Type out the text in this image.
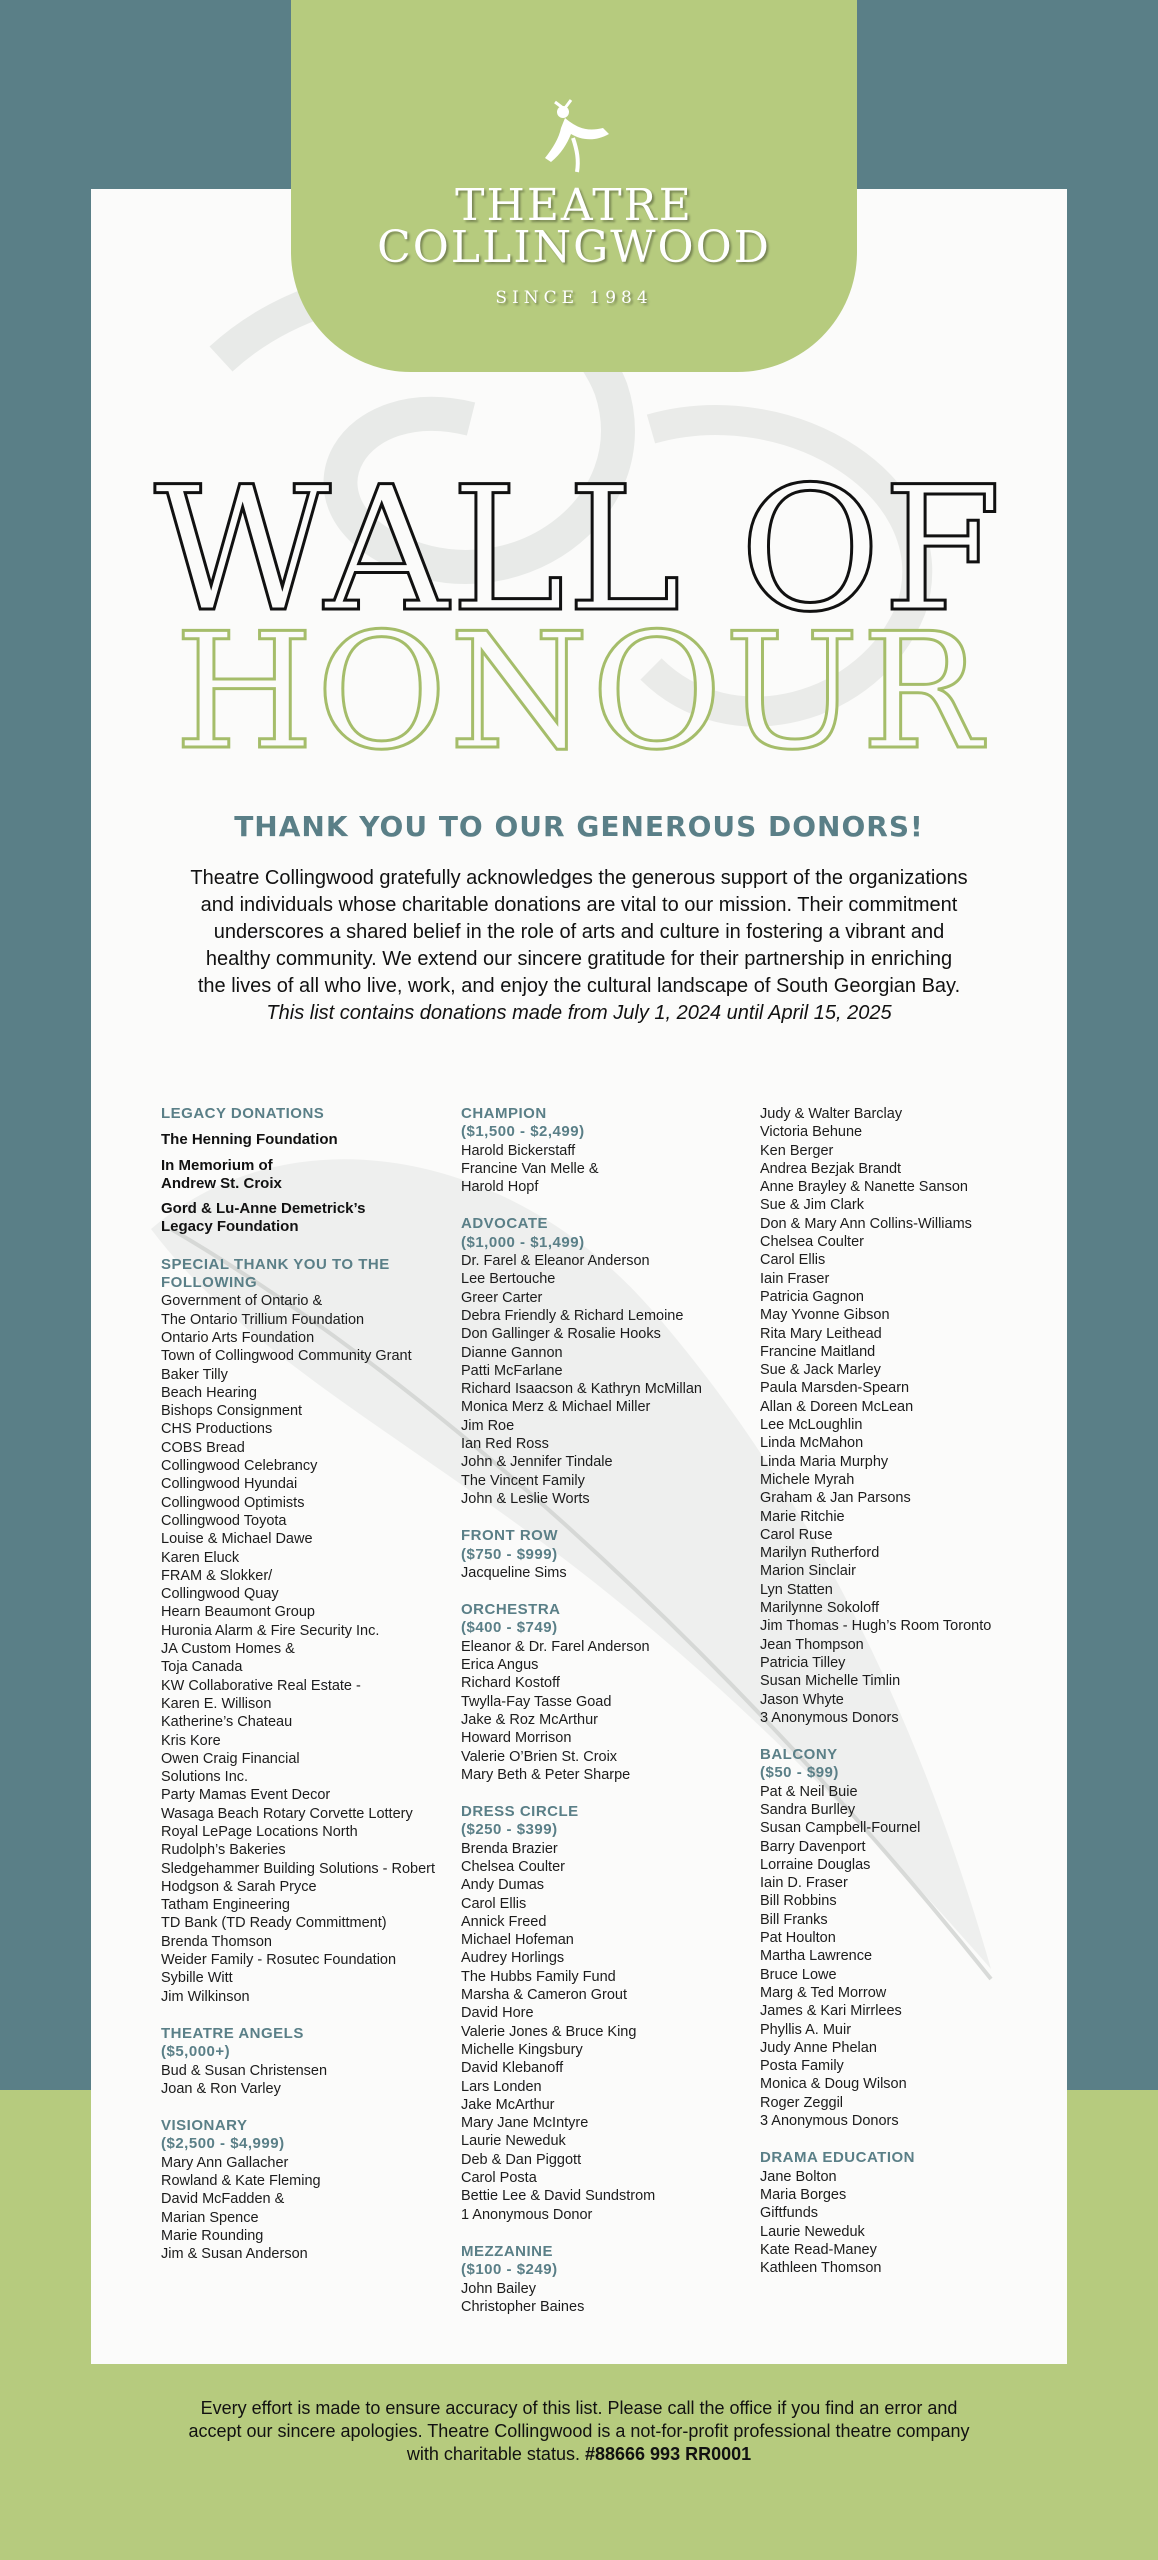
THEATRE
COLLINGWOOD
SINCE 1984
WALL OF
HONOUR
THANK YOU TO OUR GENEROUS DONORS!
Theatre Collingwood gratefully acknowledges the generous support of the organizations and individuals whose charitable donations are vital to our mission. Their commitment underscores a shared belief in the role of arts and culture in fostering a vibrant and healthy community. We extend our sincere gratitude for their partnership in enriching the lives of all who live, work, and enjoy the cultural landscape of South Georgian Bay.
This list contains donations made from July 1, 2024 until April 15, 2025
LEGACY DONATIONS
The Henning Foundation
In Memorium of
Andrew St. Croix
Gord & Lu-Anne Demetrick’s
Legacy Foundation
SPECIAL THANK YOU TO THE
FOLLOWING
Government of Ontario &
The Ontario Trillium Foundation
Ontario Arts Foundation
Town of Collingwood Community Grant
Baker Tilly
Beach Hearing
Bishops Consignment
CHS Productions
COBS Bread
Collingwood Celebrancy
Collingwood Hyundai
Collingwood Optimists
Collingwood Toyota
Louise & Michael Dawe
Karen Eluck
FRAM & Slokker/
Collingwood Quay
Hearn Beaumont Group
Huronia Alarm & Fire Security Inc.
JA Custom Homes &
Toja Canada
KW Collaborative Real Estate -
Karen E. Willison
Katherine’s Chateau
Kris Kore
Owen Craig Financial
Solutions Inc.
Party Mamas Event Decor
Wasaga Beach Rotary Corvette Lottery
Royal LePage Locations North
Rudolph’s Bakeries
Sledgehammer Building Solutions - Robert
Hodgson & Sarah Pryce
Tatham Engineering
TD Bank (TD Ready Committment)
Brenda Thomson
Weider Family - Rosutec Foundation
Sybille Witt
Jim Wilkinson
THEATRE ANGELS
($5,000+)
Bud & Susan Christensen
Joan & Ron Varley
VISIONARY
($2,500 - $4,999)
Mary Ann Gallacher
Rowland & Kate Fleming
David McFadden &
Marian Spence
Marie Rounding
Jim & Susan Anderson
CHAMPION
($1,500 - $2,499)
Harold Bickerstaff
Francine Van Melle &
Harold Hopf
ADVOCATE
($1,000 - $1,499)
Dr. Farel & Eleanor Anderson
Lee Bertouche
Greer Carter
Debra Friendly & Richard Lemoine
Don Gallinger & Rosalie Hooks
Dianne Gannon
Patti McFarlane
Richard Isaacson & Kathryn McMillan
Monica Merz & Michael Miller
Jim Roe
Ian Red Ross
John & Jennifer Tindale
The Vincent Family
John & Leslie Worts
FRONT ROW
($750 - $999)
Jacqueline Sims
ORCHESTRA
($400 - $749)
Eleanor & Dr. Farel Anderson
Erica Angus
Richard Kostoff
Twylla-Fay Tasse Goad
Jake & Roz McArthur
Howard Morrison
Valerie O’Brien St. Croix
Mary Beth & Peter Sharpe
DRESS CIRCLE
($250 - $399)
Brenda Brazier
Chelsea Coulter
Andy Dumas
Carol Ellis
Annick Freed
Michael Hofeman
Audrey Horlings
The Hubbs Family Fund
Marsha & Cameron Grout
David Hore
Valerie Jones & Bruce King
Michelle Kingsbury
David Klebanoff
Lars Londen
Jake McArthur
Mary Jane McIntyre
Laurie Neweduk
Deb & Dan Piggott
Carol Posta
Bettie Lee & David Sundstrom
1 Anonymous Donor
MEZZANINE
($100 - $249)
John Bailey
Christopher Baines
Judy & Walter Barclay
Victoria Behune
Ken Berger
Andrea Bezjak Brandt
Anne Brayley & Nanette Sanson
Sue & Jim Clark
Don & Mary Ann Collins-Williams
Chelsea Coulter
Carol Ellis
Iain Fraser
Patricia Gagnon
May Yvonne Gibson
Rita Mary Leithead
Francine Maitland
Sue & Jack Marley
Paula Marsden-Spearn
Allan & Doreen McLean
Lee McLoughlin
Linda McMahon
Linda Maria Murphy
Michele Myrah
Graham & Jan Parsons
Marie Ritchie
Carol Ruse
Marilyn Rutherford
Marion Sinclair
Lyn Statten
Marilynne Sokoloff
Jim Thomas - Hugh’s Room Toronto
Jean Thompson
Patricia Tilley
Susan Michelle Timlin
Jason Whyte
3 Anonymous Donors
BALCONY
($50 - $99)
Pat & Neil Buie
Sandra Burlley
Susan Campbell-Fournel
Barry Davenport
Lorraine Douglas
Iain D. Fraser
Bill Robbins
Bill Franks
Pat Houlton
Martha Lawrence
Bruce Lowe
Marg & Ted Morrow
James & Kari Mirrlees
Phyllis A. Muir
Judy Anne Phelan
Posta Family
Monica & Doug Wilson
Roger Zeggil
3 Anonymous Donors
DRAMA EDUCATION
Jane Bolton
Maria Borges
Giftfunds
Laurie Neweduk
Kate Read-Maney
Kathleen Thomson
Every effort is made to ensure accuracy of this list. Please call the office if you find an error and accept our sincere apologies. Theatre Collingwood is a not-for-profit professional theatre company with charitable status. #88666 993 RR0001
